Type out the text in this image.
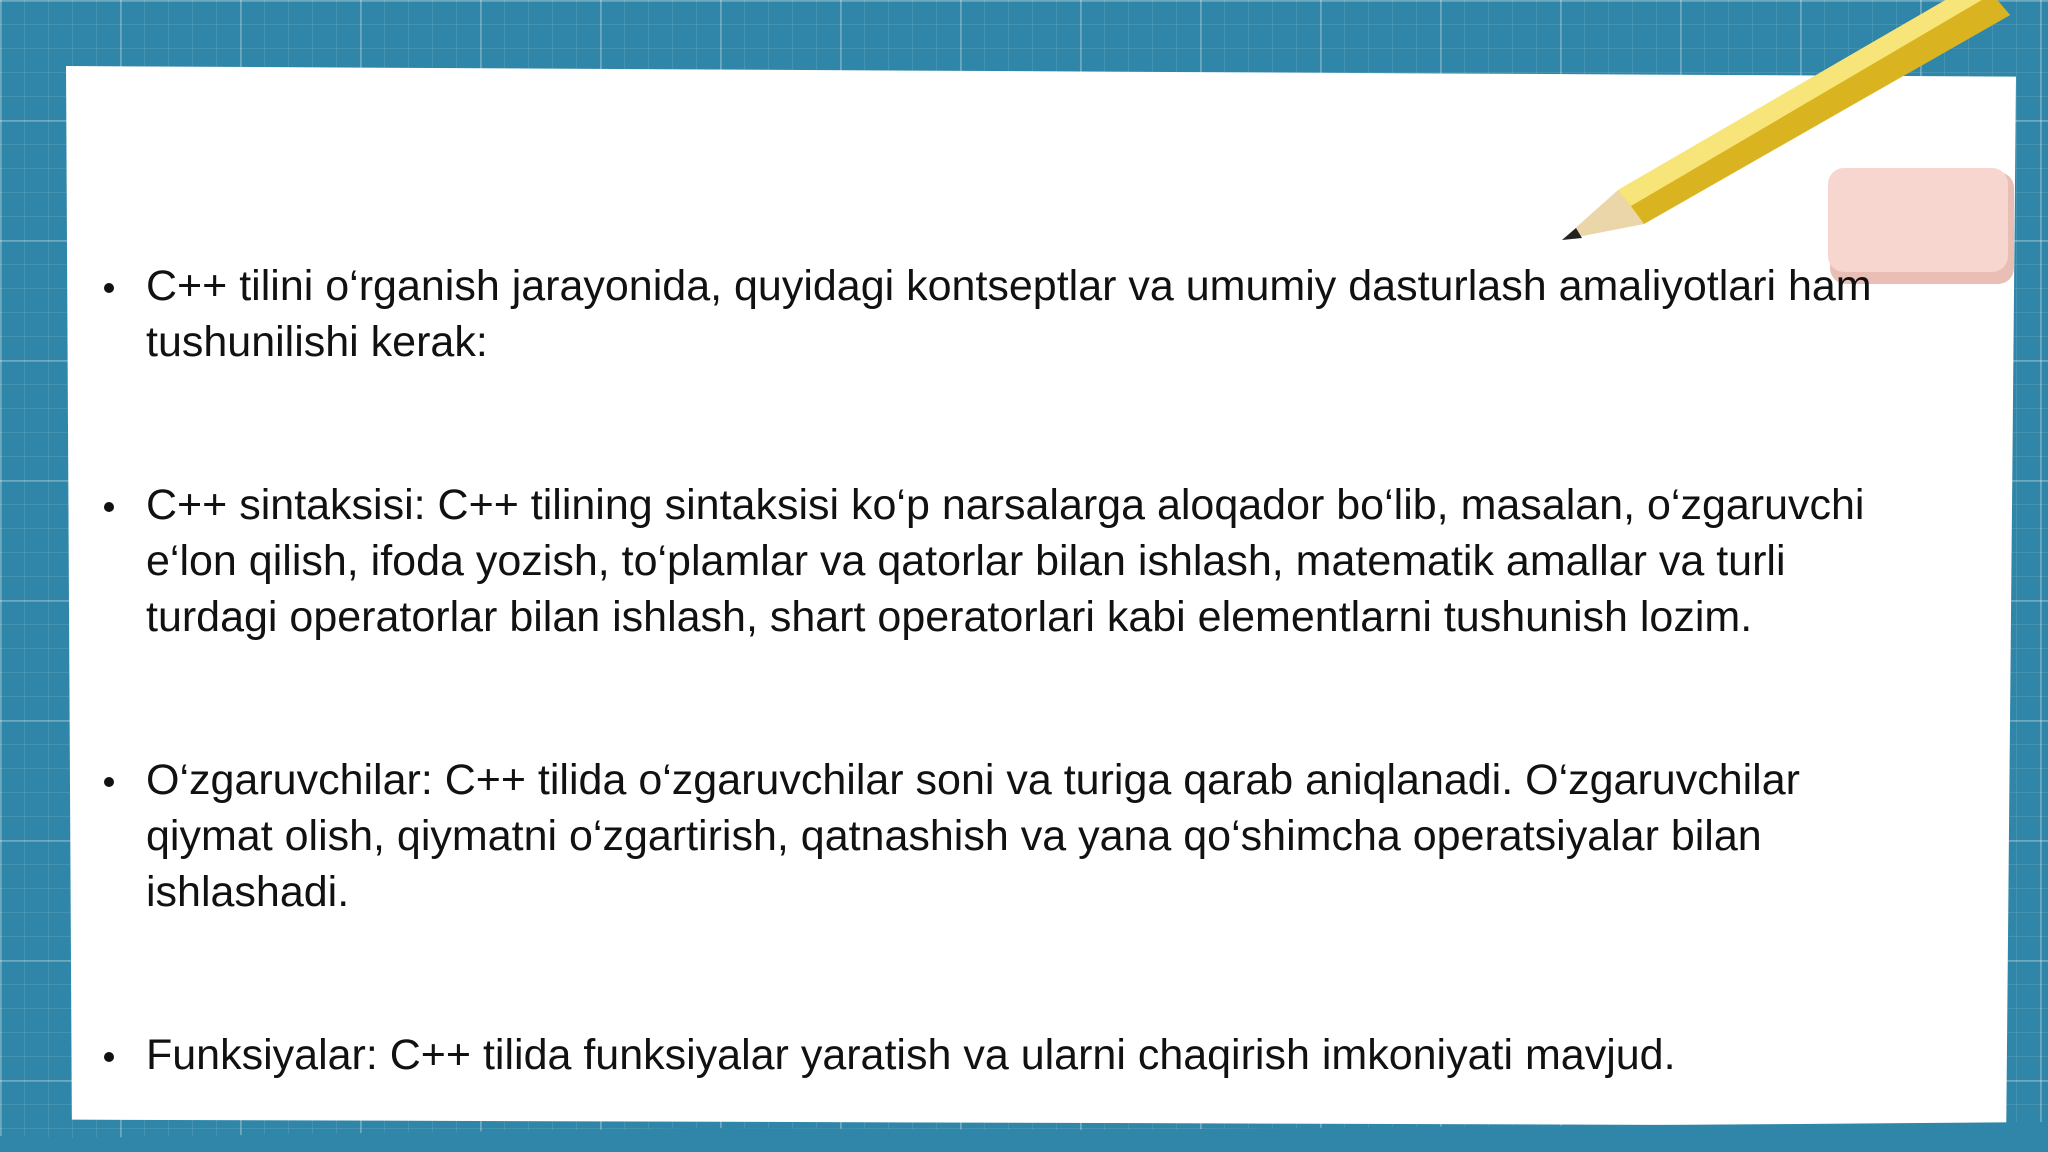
C++ tilini o‘rganish jarayonida, quyidagi kontseptlar va umumiy dasturlash amaliyotlari ham tushunilishi kerak:
C++ sintaksisi: C++ tilining sintaksisi ko‘p narsalarga aloqador bo‘lib, masalan, o‘zgaruvchi e‘lon qilish, ifoda yozish, to‘plamlar va qatorlar bilan ishlash, matematik amallar va turli turdagi operatorlar bilan ishlash, shart operatorlari kabi elementlarni tushunish lozim.
O‘zgaruvchilar: C++ tilida o‘zgaruvchilar soni va turiga qarab aniqlanadi. O‘zgaruvchilar qiymat olish, qiymatni o‘zgartirish, qatnashish va yana qo‘shimcha operatsiyalar bilan ishlashadi.
Funksiyalar: C++ tilida funksiyalar yaratish va ularni chaqirish imkoniyati mavjud.
